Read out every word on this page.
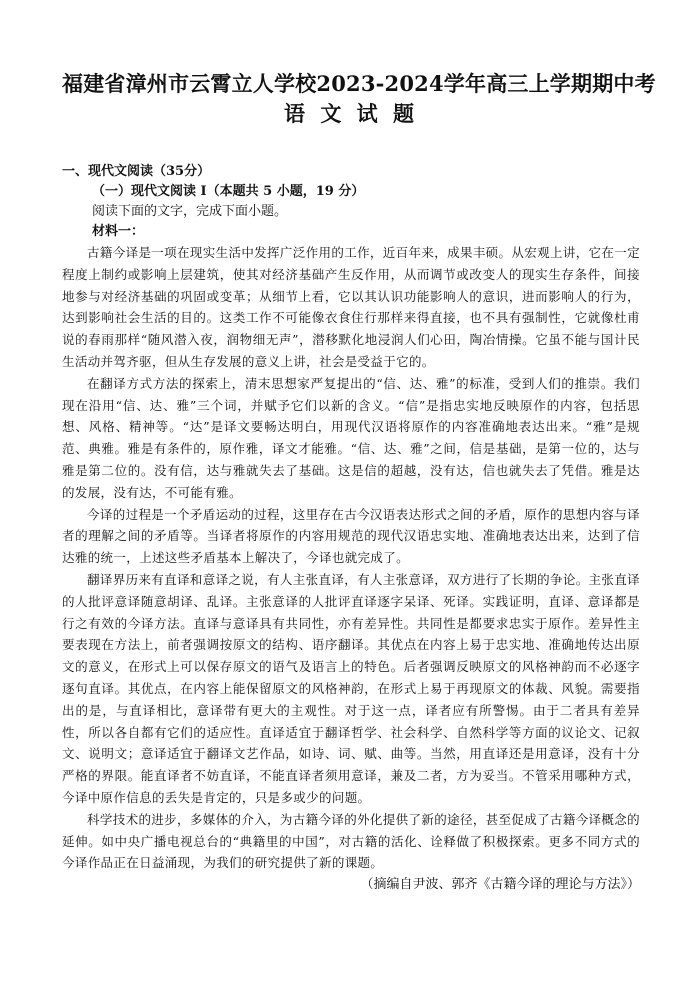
福建省漳州市云霄立人学校2023-2024学年高三上学期期中考
语 文 试 题
一、现代文阅读（35分）
（一）现代文阅读 I（本题共 5 小题，19 分）
阅读下面的文字，完成下面小题。
材料一：

古籍今译是一项在现实生活中发挥广泛作用的工作，近百年来，成果丰硕。从宏观上讲，它在一定程度上制约或影响上层建筑，使其对经济基础产生反作用，从而调节或改变人的现实生存条件，间接地参与对经济基础的巩固或变革；从细节上看，它以其认识功能影响人的意识，进而影响人的行为，达到影响社会生活的目的。这类工作不可能像衣食住行那样来得直接，也不具有强制性，它就像杜甫说的春雨那样“随风潜入夜，润物细无声”，潜移默化地浸润人们心田，陶冶情操。它虽不能与国计民生活动并驾齐驱，但从生存发展的意义上讲，社会是受益于它的。

在翻译方式方法的探索上，清末思想家严复提出的“信、达、雅”的标准，受到人们的推崇。我们现在沿用“信、达、雅”三个词，并赋予它们以新的含义。“信”是指忠实地反映原作的内容，包括思想、风格、精神等。“达”是译文要畅达明白，用现代汉语将原作的内容准确地表达出来。“雅”是规范、典雅。雅是有条件的，原作雅，译文才能雅。“信、达、雅”之间，信是基础，是第一位的，达与雅是第二位的。没有信，达与雅就失去了基础。这是信的超越，没有达，信也就失去了凭借。雅是达的发展，没有达，不可能有雅。

今译的过程是一个矛盾运动的过程，这里存在古今汉语表达形式之间的矛盾，原作的思想内容与译者的理解之间的矛盾等。当译者将原作的内容用规范的现代汉语忠实地、准确地表达出来，达到了信达雅的统一，上述这些矛盾基本上解决了，今译也就完成了。

翻译界历来有直译和意译之说，有人主张直译，有人主张意译，双方进行了长期的争论。主张直译的人批评意译随意胡译、乱译。主张意译的人批评直译逐字呆译、死译。实践证明，直译、意译都是行之有效的今译方法。直译与意译具有共同性，亦有差异性。共同性是都要求忠实于原作。差异性主要表现在方法上，前者强调按原文的结构、语序翻译。其优点在内容上易于忠实地、准确地传达出原文的意义，在形式上可以保存原文的语气及语言上的特色。后者强调反映原文的风格神韵而不必逐字逐句直译。其优点，在内容上能保留原文的风格神韵，在形式上易于再现原文的体裁、风貌。需要指出的是，与直译相比，意译带有更大的主观性。对于这一点，译者应有所警惕。由于二者具有差异性，所以各自都有它们的适应性。直译适宜于翻译哲学、社会科学、自然科学等方面的议论文、记叙文、说明文；意译适宜于翻译文艺作品，如诗、词、赋、曲等。当然，用直译还是用意译，没有十分严格的界限。能直译者不妨直译，不能直译者须用意译，兼及二者，方为妥当。不管采用哪种方式，今译中原作信息的丢失是肯定的，只是多或少的问题。

科学技术的进步，多媒体的介入，为古籍今译的外化提供了新的途径，甚至促成了古籍今译概念的延伸。如中央广播电视总台的“典籍里的中国”，对古籍的活化、诠释做了积极探索。更多不同方式的今译作品正在日益涌现，为我们的研究提供了新的课题。

（摘编自尹波、郭齐《古籍今译的理论与方法》）
